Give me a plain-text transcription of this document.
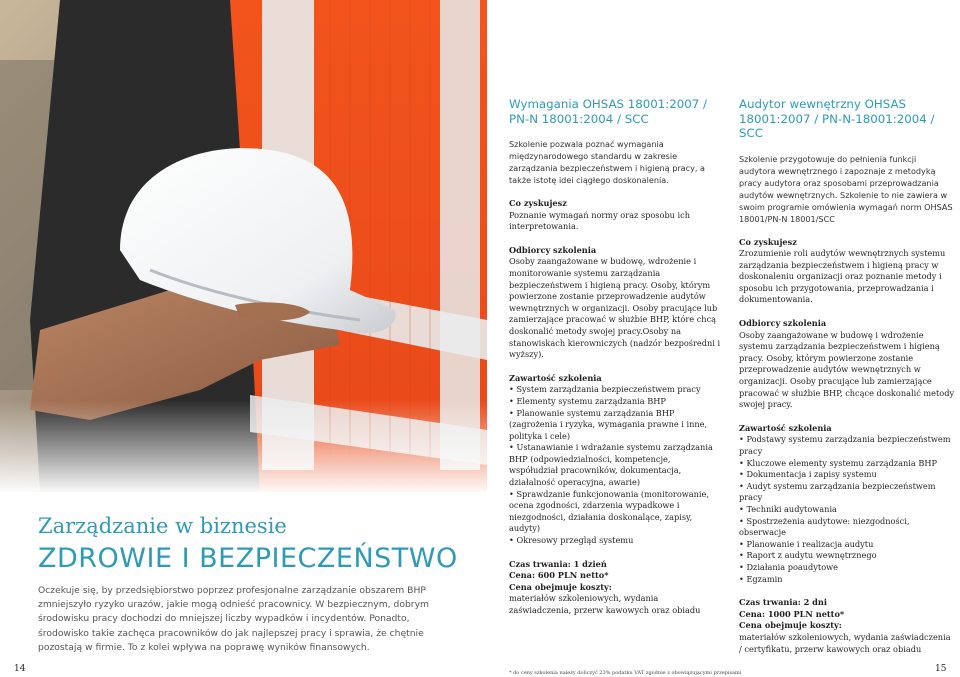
Zarządzanie w biznesie
ZDROWIE I BEZPIECZEŃSTWO
Oczekuje się, by przedsiębiorstwo poprzez profesjonalne zarządzanie obszarem BHP zmniejszyło ryzyko urazów, jakie mogą odnieść pracownicy. W bezpiecznym, dobrym środowisku pracy dochodzi do mniejszej liczby wypadków i incydentów. Ponadto, środowisko takie zachęca pracowników do jak najlepszej pracy i sprawia, że chętnie pozostają w firmie. To z kolei wpływa na poprawę wyników finansowych.

Wymagania OHSAS 18001:2007 / PN-N 18001:2004 / SCC

Szkolenie pozwala poznać wymagania międzynarodowego standardu w zakresie zarządzania bezpieczeństwem i higieną pracy, a także istotę idei ciągłego doskonalenia.

Co zyskujesz

Poznanie wymagań normy oraz sposobu ich interpretowania.

Odbiorcy szkolenia

Osoby zaangażowane w budowę, wdrożenie i monitorowanie systemu zarządzania bezpieczeństwem i higieną pracy. Osoby, którym powierzone zostanie przeprowadzenie audytów wewnętrznych w organizacji. Osoby pracujące lub zamierzające pracować w służbie BHP, które chcą doskonalić metody swojej pracy.Osoby na stanowiskach kierowniczych (nadzór bezpośredni i wyższy).

Zawartość szkolenia

• System zarządzania bezpieczeństwem pracy
• Elementy systemu zarządzania BHP
• Planowanie systemu zarządzania BHP (zagrożenia i ryzyka, wymagania prawne i inne, polityka i cele)
• Ustanawianie i wdrażanie systemu zarządzania BHP (odpowiedzialności, kompetencje, współudział pracowników, dokumentacja, działalność operacyjna, awarie)
• Sprawdzanie funkcjonowania (monitorowanie, ocena zgodności, zdarzenia wypadkowe i niezgodności, działania doskonalące, zapisy, audyty)
• Okresowy przegląd systemu

Czas trwania: 1 dzień

Cena: 600 PLN netto*

Cena obejmuje koszty:

materiałów szkoleniowych, wydania zaświadczenia, przerw kawowych oraz obiadu

Audytor wewnętrzny OHSAS 18001:2007 / PN-N-18001:2004 / SCC

Szkolenie przygotowuje do pełnienia funkcji audytora wewnętrznego i zapoznaje z metodyką pracy audytora oraz sposobami przeprowadzania audytów wewnętrznych. Szkolenie to nie zawiera w swoim programie omówienia wymagań norm OHSAS 18001/PN-N 18001/SCC

Co zyskujesz

Zrozumienie roli audytów wewnętrznych systemu zarządzania bezpieczeństwem i higieną pracy w doskonaleniu organizacji oraz poznanie metody i sposobu ich przygotowania, przeprowadzania i dokumentowania.

Odbiorcy szkolenia

Osoby zaangażowane w budowę i wdrożenie systemu zarządzania bezpieczeństwem i higieną pracy. Osoby, którym powierzone zostanie przeprowadzenie audytów wewnętrznych w organizacji. Osoby pracujące lub zamierzające pracować w służbie BHP, chcące doskonalić metody swojej pracy.

Zawartość szkolenia

• Podstawy systemu zarządzania bezpieczeństwem pracy
• Kluczowe elementy systemu zarządzania BHP
• Dokumentacja i zapisy systemu
• Audyt systemu zarządzania bezpieczeństwem pracy
• Techniki audytowania
• Spostrzeżenia audytowe: niezgodności, obserwacje
• Planowanie i realizacja audytu
• Raport z audytu wewnętrznego
• Działania poaudytowe
• Egzamin

Czas trwania: 2 dni

Cena: 1000 PLN netto*

Cena obejmuje koszty:

materiałów szkoleniowych, wydania zaświadczenia / certyfikatu, przerw kawowych oraz obiadu

14	* do ceny szkolenia należy doliczyć 23% podatku VAT zgodnie z obowiązującymi przepisami	15
